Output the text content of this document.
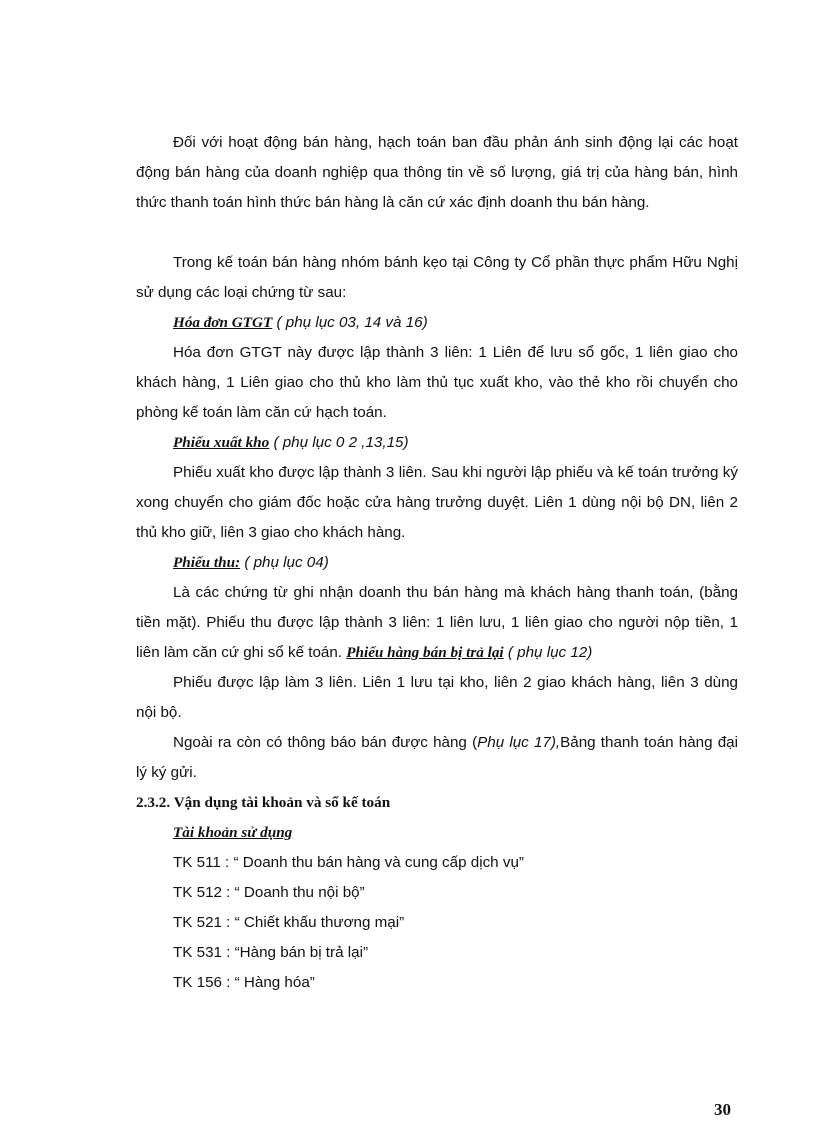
Đối với hoạt động bán hàng, hạch toán ban đầu phản ánh sinh động lại các hoạt động bán hàng của doanh nghiệp qua thông tin về số lượng, giá trị của hàng bán, hình thức thanh toán hình thức bán hàng là căn cứ xác định doanh thu bán hàng.

Trong kế toán bán hàng nhóm bánh kẹo tại Công ty Cổ phần thực phẩm Hữu Nghị sử dụng các loại chứng từ sau:

Hóa đơn GTGT ( phụ lục 03, 14 và 16)

Hóa đơn GTGT này được lập thành 3 liên: 1 Liên để lưu sổ gốc, 1 liên giao cho khách hàng, 1 Liên giao cho thủ kho làm thủ tục xuất kho, vào thẻ kho rồi chuyển cho phòng kế toán làm căn cứ hạch toán.

Phiếu xuất kho ( phụ lục 0 2 ,13,15)

Phiếu xuất kho được lập thành 3 liên. Sau khi người lập phiếu và kế toán trưởng ký xong chuyển cho giám đốc hoặc cửa hàng trưởng duyệt. Liên 1 dùng nội bộ DN, liên 2 thủ kho giữ, liên 3 giao cho khách hàng.

Phiếu thu: ( phụ lục 04)

Là các chứng từ ghi nhận doanh thu bán hàng mà khách hàng thanh toán, (bằng tiền mặt). Phiếu thu được lập thành 3 liên: 1 liên lưu, 1 liên giao cho người nộp tiền, 1 liên làm căn cứ ghi sổ kế toán. Phiếu hàng bán bị trả lại ( phụ lục 12)

Phiếu được lập làm 3 liên. Liên 1 lưu tại kho, liên 2 giao khách hàng, liên 3 dùng nội bộ.

Ngoài ra còn có thông báo bán được hàng (Phụ lục 17),Bảng thanh toán hàng đại lý ký gửi.

2.3.2. Vận dụng tài khoản và sổ kế toán

Tài khoản sử dụng

TK 511 : “ Doanh thu bán hàng và cung cấp dịch vụ”

TK 512 : “ Doanh thu nội bộ”

TK 521 : “ Chiết khấu thương mại”

TK 531 : “Hàng bán bị trả lại”

TK 156 : “ Hàng hóa”

30
